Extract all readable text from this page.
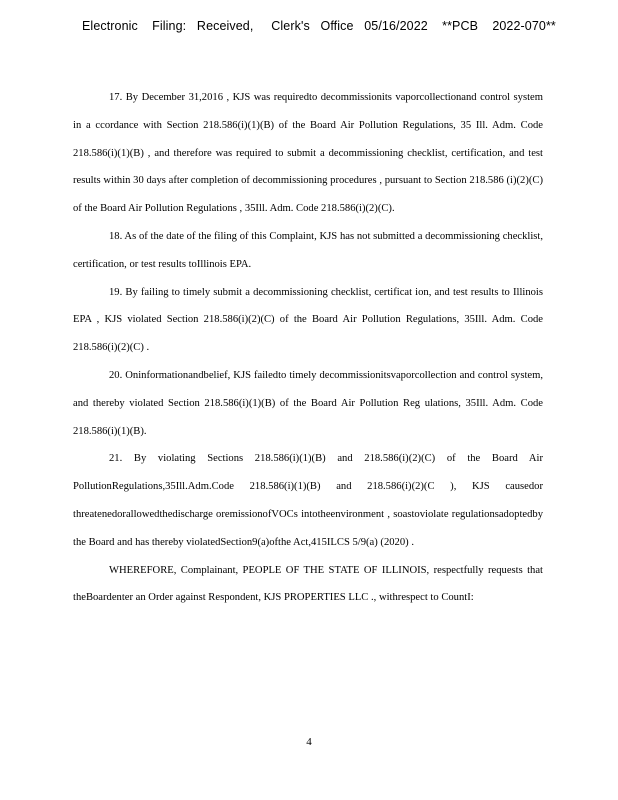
Electronic    Filing:   Received,     Clerk's   Office   05/16/2022    **PCB    2022-070**

17. By December 31,2016 , KJS was requiredto decommissionits vaporcollectionand control system in a ccordance with Section 218.586(i)(1)(B) of the Board Air Pollution Regulations, 35 Ill. Adm. Code 218.586(i)(1)(B) , and therefore was required to submit a decommissioning checklist, certification, and test results within 30 days after completion of decommissioning procedures , pursuant to Section 218.586 (i)(2)(C) of the Board Air Pollution Regulations , 35Ill. Adm. Code 218.586(i)(2)(C).

18. As of the date of the filing of this Complaint, KJS has not submitted a decommissioning checklist, certification, or test results toIllinois EPA.

19. By failing to timely submit a decommissioning checklist, certificat ion, and test results to Illinois EPA , KJS violated Section 218.586(i)(2)(C) of the Board Air Pollution Regulations, 35Ill. Adm. Code 218.586(i)(2)(C) .

20. Oninformationandbelief, KJS failedto timely decommissionitsvaporcollection and control system, and thereby violated Section 218.586(i)(1)(B) of the Board Air Pollution Reg ulations, 35Ill. Adm. Code 218.586(i)(1)(B).

21. By violating Sections 218.586(i)(1)(B) and 218.586(i)(2)(C) of the Board Air PollutionRegulations,35Ill.Adm.Code 218.586(i)(1)(B) and 218.586(i)(2)(C ), KJS causedor threatenedorallowedthedischarge oremissionofVOCs intotheenvironment , soastoviolate regulationsadoptedby the Board and has thereby violatedSection9(a)ofthe Act,415ILCS 5/9(a) (2020) .

WHEREFORE, Complainant, PEOPLE OF THE STATE OF ILLINOIS, respectfully requests that theBoardenter an Order against Respondent, KJS PROPERTIES LLC ., withrespect to CountI:

4
